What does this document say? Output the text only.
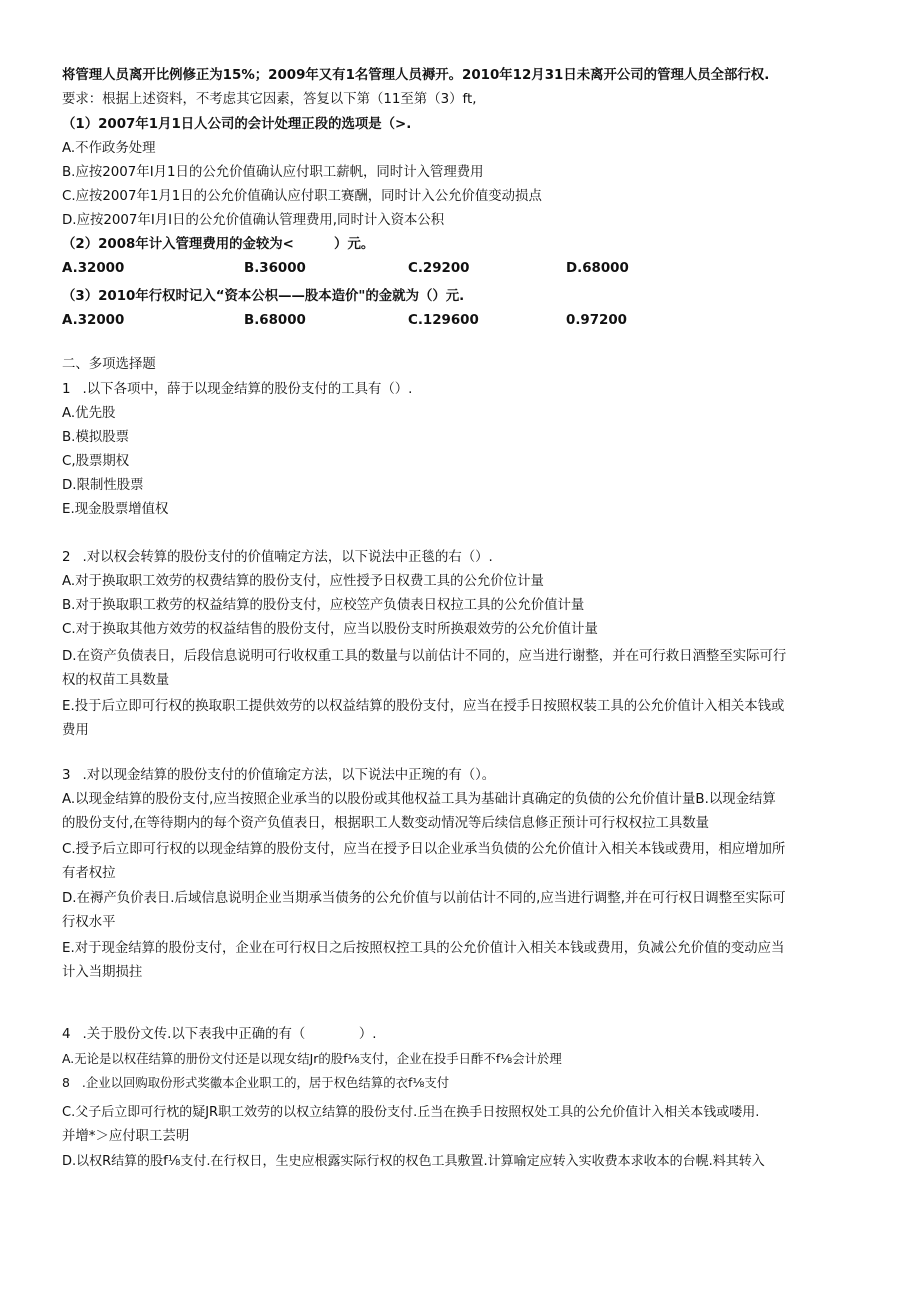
将管理人员离开比例修正为15%；2009年又有1名管理人员褥开。2010年12月31日未离开公司的管理人员全部行权.
要求：根据上述资料，不考虑其它因素，答复以下第（11至第（3）ft,
（1）2007年1月1日人公司的会计处理正段的选项是（>.
A.不作政务处理
B.应按2007年I月1日的公允价值确认应付职工薪帆，同时计入管理费用
C.应按2007年1月1日的公允价值确认应付职工赛酬，同时计入公允价值变动损点
D.应按2007年I月I日的公允价值确认管理费用,同时计入资本公积
（2）2008年计入管理费用的金较为<　　　）元。
A.32000	B.36000	C.29200	D.68000
（3）2010年行权时记入“资本公枳——股本造价"的金就为（）元.
A.32000	B.68000	C.129600	0.97200
二、多项选择题
1 .以下各项中，薛于以现金结算的股份支付的工具有（）.
A.优先股
B.模拟股票
C,股票期权
D.限制性股票
E.现金股票增值权
2 .对以权会转算的股份支付的价值喃定方法，以下说法中正毯的右（）.
A.对于换取职工效劳的权费结算的股份支付，应性授予日权费工具的公允价位计量
B.对于换取职工救劳的权益结算的股份支付，应校笠产负债表日权拉工具的公允价值计量
C.对于换取其他方效劳的权益结售的股份支付，应当以股份支时所换艰效劳的公允价值计量
D.在资产负债表日，后段信息说明可行收权重工具的数量与以前估计不同的，应当进行谢整，并在可行救日酒整至实际可行
权的权苗工具数量
E.投于后立即可行权的换取职工提供效劳的以权益结算的股份支付，应当在授手日按照权装工具的公允价值计入相关本钱或
费用
3 .对以现金结算的股份支付的价值瑜定方法，以下说法中正琬的有（）。
A.以现金结算的股份支付,应当按照企业承当的以股份或其他权益工具为基础计真确定的负债的公允价值计量B.以现金结算
的股份支付,在等待期内的每个资产负值表日，根据职工人数变动情况等后续信息修正预计可行权权拉工具数量
C.授予后立即可行权的以现金结算的股份支付，应当在授予日以企业承当负债的公允价值计入相关本钱或费用，相应增加所
有者权拉
D.在褥产负价表日.后域信息说明企业当期承当债务的公允价值与以前估计不同的,应当进行调整,并在可行权日调整至实际可
行权水平
E.对于现金结算的股份支付，企业在可行权日之后按照权控工具的公允价值计入相关本钱或费用，负减公允价值的变动应当
计入当期损拄
4 .关于股份文传.以下表我中正确的有（　　　　）.
A.无论是以权荏结算的册份文付还是以现女结Jr的股f⅛支付，企业在投手日酢不f⅛会计於理
8 .企业以回购取份形式奖徽本企业职工的，居于权色结算的衣f⅛支付
C.父子后立即可行枕的疑JR职工效劳的以权立结算的股份支付.丘当在换手日按照权处工具的公允价值计入相关本钱或喽用.
并增*＞应付职工芸明
D.以权R结算的股f⅛支付.在行权日，生史应根露实际行权的权色工具敷置.计算喻定应转入实收费本求收本的台幌.料其转入
